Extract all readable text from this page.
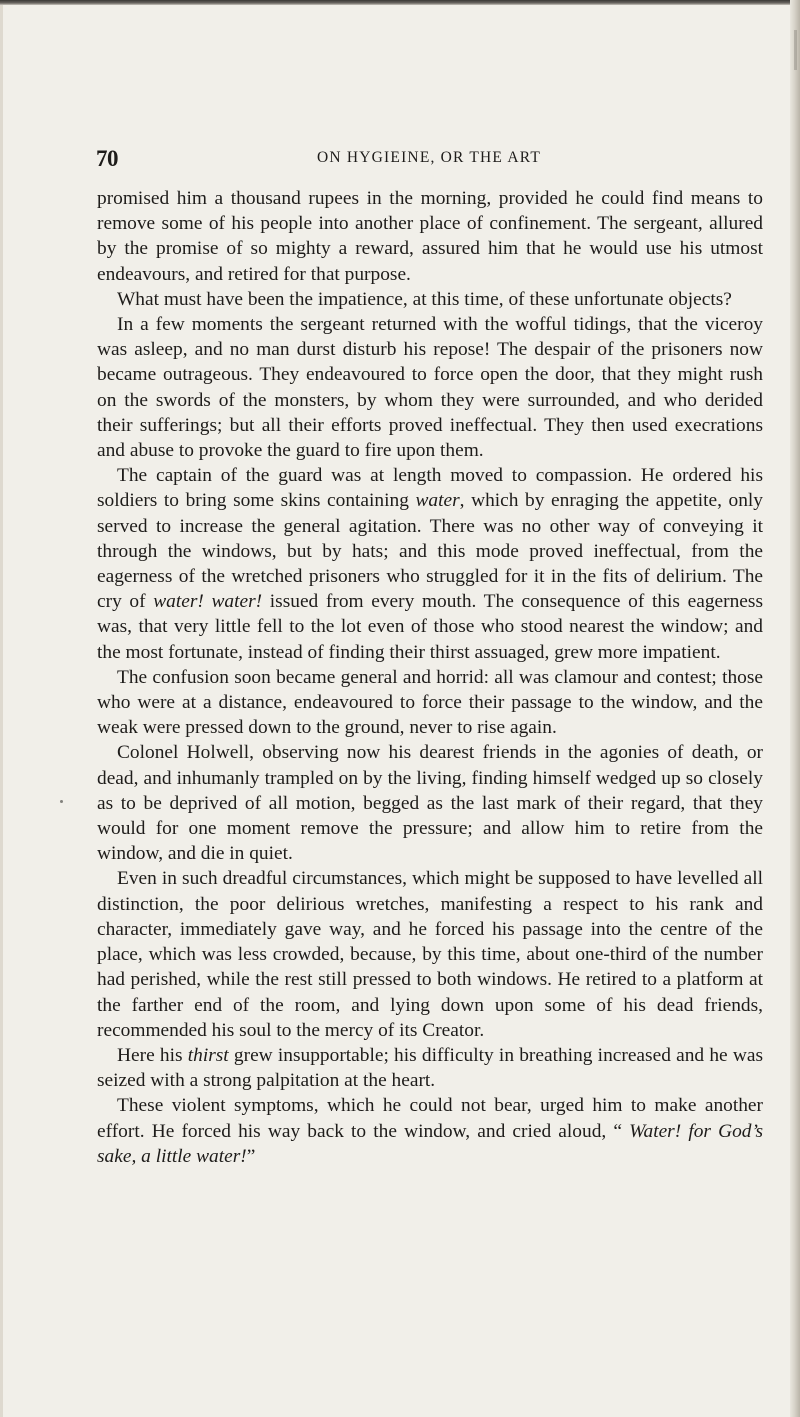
70	ON HYGIEINE, OR THE ART

promised him a thousand rupees in the morning, provided he could find means to remove some of his people into another place of confinement. The sergeant, allured by the promise of so mighty a reward, assured him that he would use his utmost endeavours, and retired for that purpose.

What must have been the impatience, at this time, of these unfortunate objects?

In a few moments the sergeant returned with the wofful tidings, that the viceroy was asleep, and no man durst disturb his repose! The despair of the prisoners now became outrageous. They endeavoured to force open the door, that they might rush on the swords of the monsters, by whom they were surrounded, and who derided their sufferings; but all their efforts proved ineffectual. They then used execrations and abuse to provoke the guard to fire upon them.

The captain of the guard was at length moved to compassion. He ordered his soldiers to bring some skins containing water, which by enraging the appetite, only served to increase the general agitation. There was no other way of conveying it through the windows, but by hats; and this mode proved ineffectual, from the eagerness of the wretched prisoners who struggled for it in the fits of delirium. The cry of water! water! issued from every mouth. The consequence of this eagerness was, that very little fell to the lot even of those who stood nearest the window; and the most fortunate, instead of finding their thirst assuaged, grew more impatient.

The confusion soon became general and horrid: all was clamour and contest; those who were at a distance, endeavoured to force their passage to the window, and the weak were pressed down to the ground, never to rise again.

Colonel Holwell, observing now his dearest friends in the agonies of death, or dead, and inhumanly trampled on by the living, finding himself wedged up so closely as to be deprived of all motion, begged as the last mark of their regard, that they would for one moment remove the pressure; and allow him to retire from the window, and die in quiet.

Even in such dreadful circumstances, which might be supposed to have levelled all distinction, the poor delirious wretches, manifesting a respect to his rank and character, immediately gave way, and he forced his passage into the centre of the place, which was less crowded, because, by this time, about one-third of the number had perished, while the rest still pressed to both windows. He retired to a platform at the farther end of the room, and lying down upon some of his dead friends, recommended his soul to the mercy of its Creator.

Here his thirst grew insupportable; his difficulty in breathing increased and he was seized with a strong palpitation at the heart.

These violent symptoms, which he could not bear, urged him to make another effort. He forced his way back to the window, and cried aloud, “ Water! for God’s sake, a little water!”
